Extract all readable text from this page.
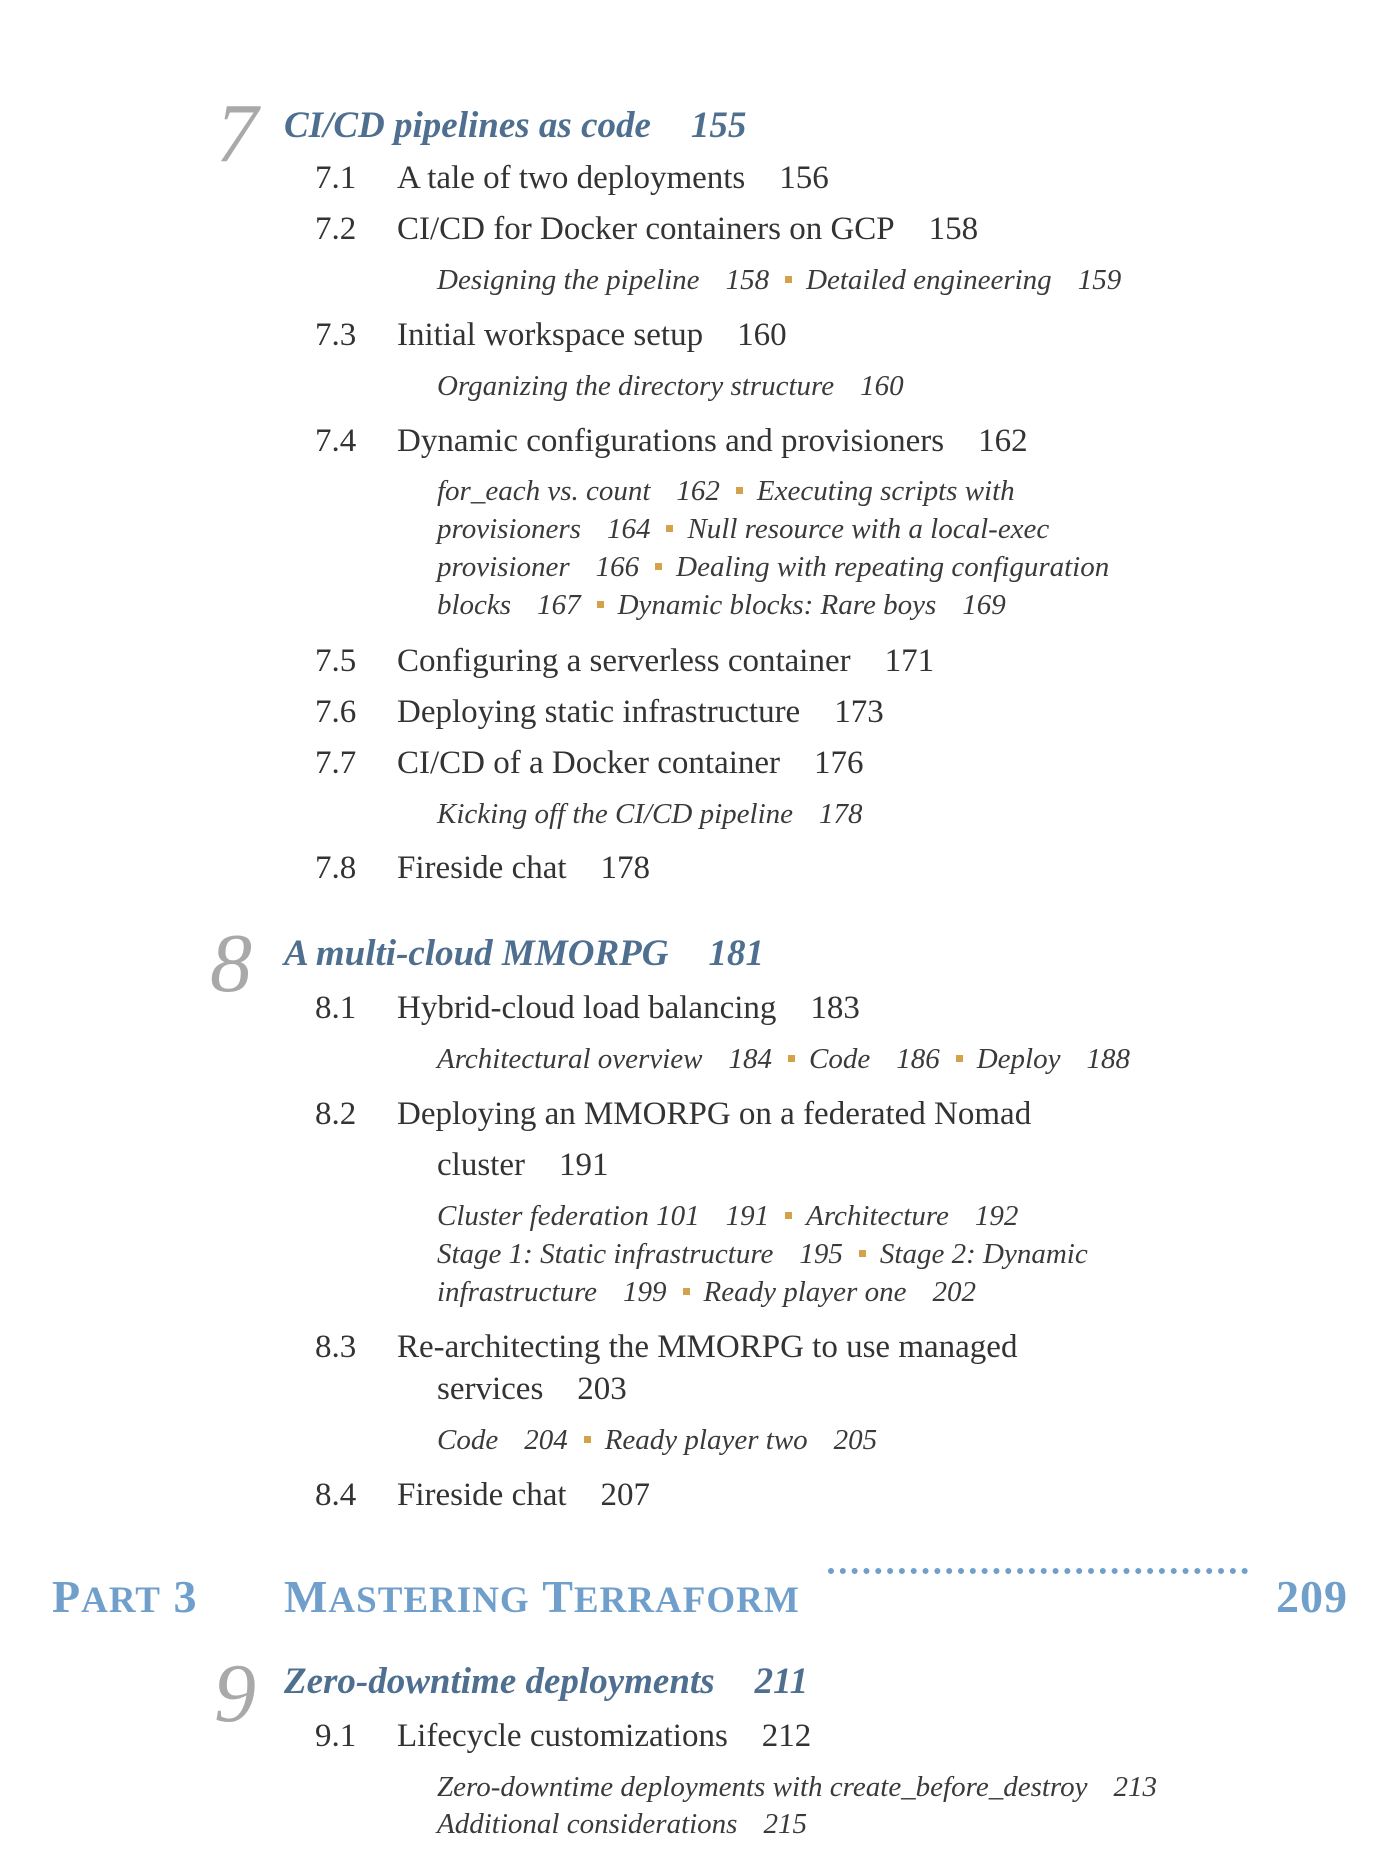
7 CI/CD pipelines as code 155
7.1 A tale of two deployments 156
7.2 CI/CD for Docker containers on GCP 158
Designing the pipeline 158 Detailed engineering 159
7.3 Initial workspace setup 160
Organizing the directory structure 160
7.4 Dynamic configurations and provisioners 162
for_each vs. count 162 Executing scripts with
provisioners 164 Null resource with a local-exec
provisioner 166 Dealing with repeating configuration
blocks 167 Dynamic blocks: Rare boys 169
7.5 Configuring a serverless container 171
7.6 Deploying static infrastructure 173
7.7 CI/CD of a Docker container 176
Kicking off the CI/CD pipeline 178
7.8 Fireside chat 178
8 A multi-cloud MMORPG 181
8.1 Hybrid-cloud load balancing 183
Architectural overview 184 Code 186 Deploy 188
8.2 Deploying an MMORPG on a federated Nomad
cluster 191
Cluster federation 101 191 Architecture 192
Stage 1: Static infrastructure 195 Stage 2: Dynamic
infrastructure 199 Ready player one 202
8.3 Re-architecting the MMORPG to use managed
services 203
Code 204 Ready player two 205
8.4 Fireside chat 207
PART 3 MASTERING TERRAFORM	209
9 Zero-downtime deployments 211
9.1 Lifecycle customizations 212
Zero-downtime deployments with create_before_destroy 213
Additional considerations 215
